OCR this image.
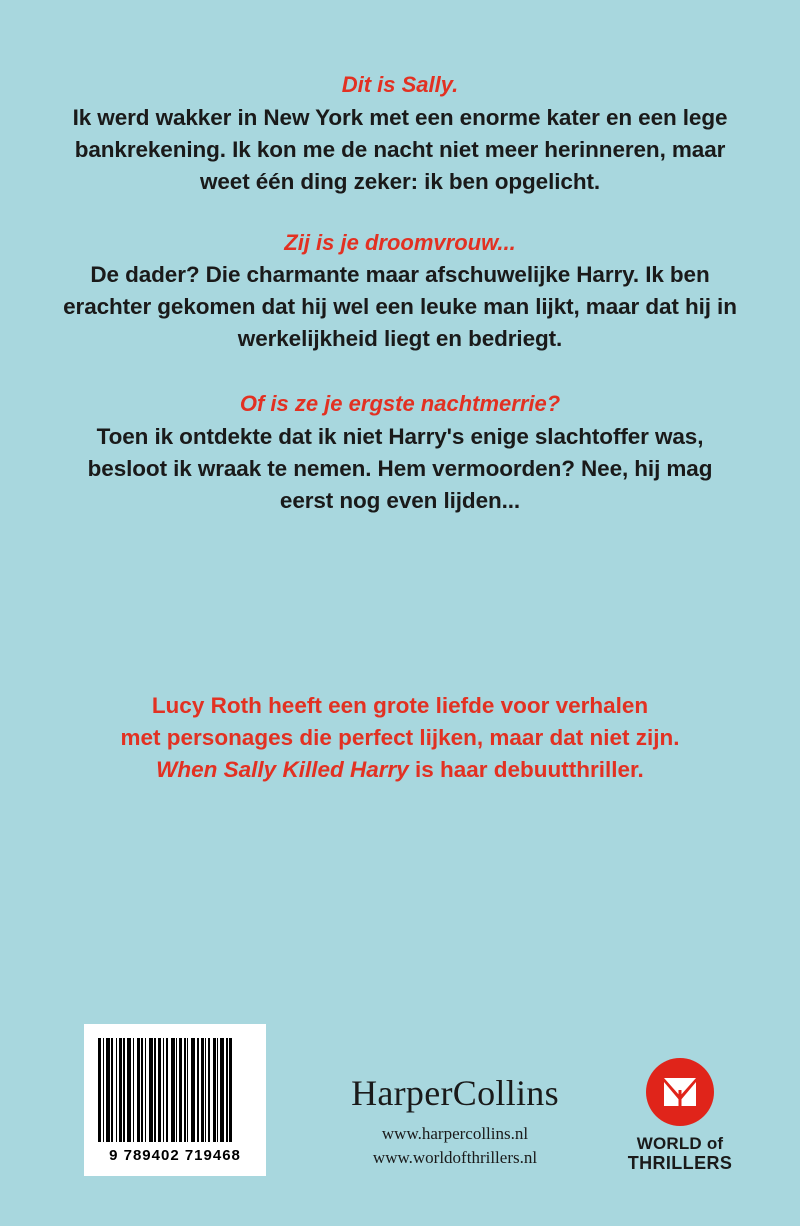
Dit is Sally.
Ik werd wakker in New York met een enorme kater en een lege bankrekening. Ik kon me de nacht niet meer herinneren, maar weet één ding zeker: ik ben opgelicht.
Zij is je droomvrouw...
De dader? Die charmante maar afschuwelijke Harry. Ik ben erachter gekomen dat hij wel een leuke man lijkt, maar dat hij in werkelijkheid liegt en bedriegt.
Of is ze je ergste nachtmerrie?
Toen ik ontdekte dat ik niet Harry's enige slachtoffer was, besloot ik wraak te nemen. Hem vermoorden? Nee, hij mag eerst nog even lijden...
Lucy Roth heeft een grote liefde voor verhalen
met personages die perfect lijken, maar dat niet zijn.
When Sally Killed Harry is haar debuutthriller.
9 789402 719468
HarperCollins
www.harpercollins.nl
www.worldofthrillers.nl
WORLD of
THRILLERS
